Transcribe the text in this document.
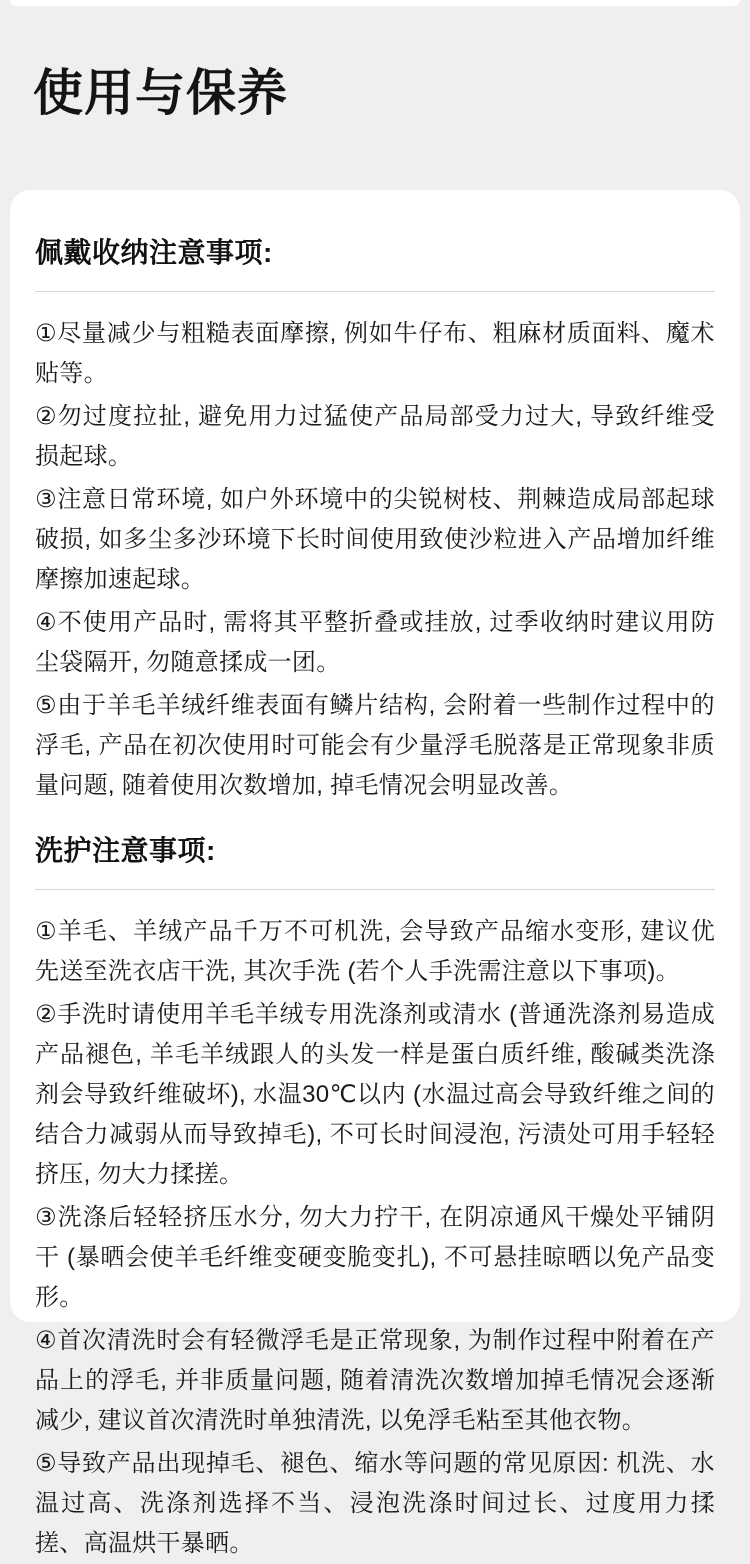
使用与保养
佩戴收纳注意事项:

①尽量减少与粗糙表面摩擦, 例如牛仔布、粗麻材质面料、魔术贴等。

②勿过度拉扯, 避免用力过猛使产品局部受力过大, 导致纤维受损起球。

③注意日常环境, 如户外环境中的尖锐树枝、荆棘造成局部起球破损, 如多尘多沙环境下长时间使用致使沙粒进入产品增加纤维摩擦加速起球。

④不使用产品时, 需将其平整折叠或挂放, 过季收纳时建议用防尘袋隔开, 勿随意揉成一团。

⑤由于羊毛羊绒纤维表面有鳞片结构, 会附着一些制作过程中的浮毛, 产品在初次使用时可能会有少量浮毛脱落是正常现象非质量问题, 随着使用次数增加, 掉毛情况会明显改善。

洗护注意事项:

①羊毛、羊绒产品千万不可机洗, 会导致产品缩水变形, 建议优先送至洗衣店干洗, 其次手洗 (若个人手洗需注意以下事项)。

②手洗时请使用羊毛羊绒专用洗涤剂或清水 (普通洗涤剂易造成产品褪色, 羊毛羊绒跟人的头发一样是蛋白质纤维, 酸碱类洗涤剂会导致纤维破坏), 水温30℃以内 (水温过高会导致纤维之间的结合力减弱从而导致掉毛), 不可长时间浸泡, 污渍处可用手轻轻挤压, 勿大力揉搓。

③洗涤后轻轻挤压水分, 勿大力拧干, 在阴凉通风干燥处平铺阴干 (暴晒会使羊毛纤维变硬变脆变扎), 不可悬挂晾晒以免产品变形。

④首次清洗时会有轻微浮毛是正常现象, 为制作过程中附着在产品上的浮毛, 并非质量问题, 随着清洗次数增加掉毛情况会逐渐减少, 建议首次清洗时单独清洗, 以免浮毛粘至其他衣物。

⑤导致产品出现掉毛、褪色、缩水等问题的常见原因: 机洗、水温过高、洗涤剂选择不当、浸泡洗涤时间过长、过度用力揉搓、高温烘干暴晒。
